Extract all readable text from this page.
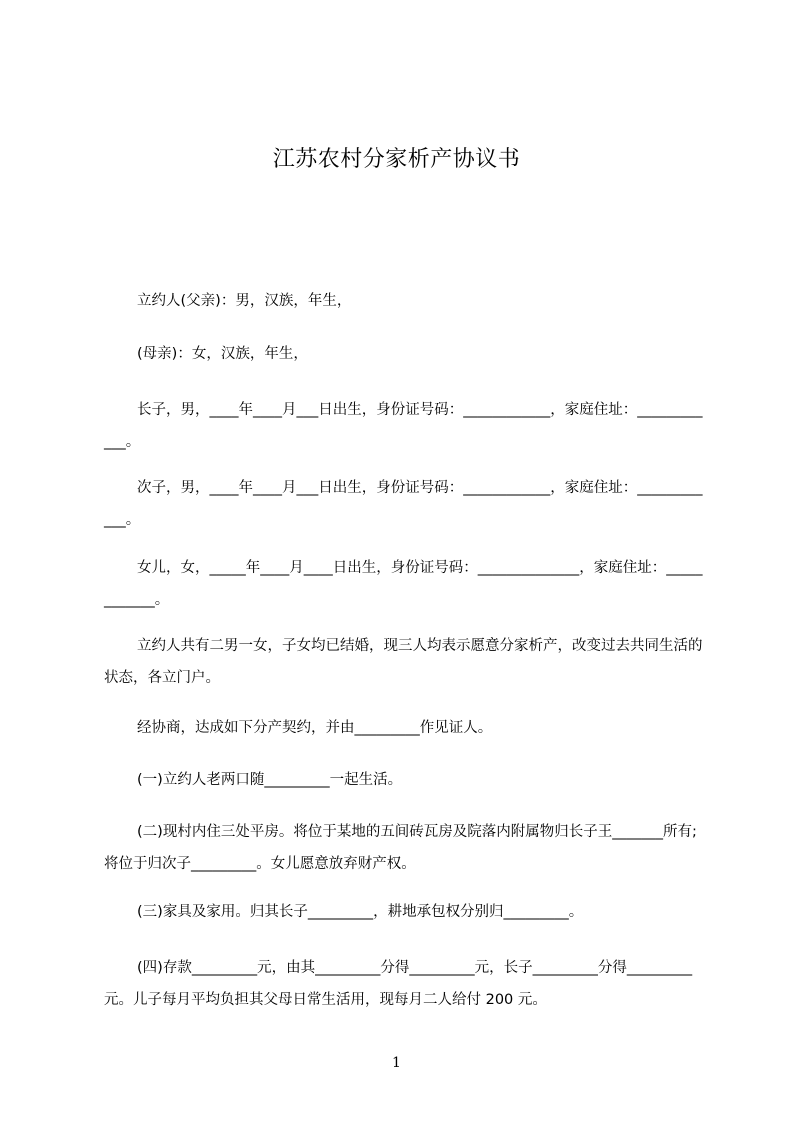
江苏农村分家析产协议书
立约人(父亲)：男，汉族，年生，
(母亲)：女，汉族，年生，
长子，男，____年____月___日出生，身份证号码：____________，家庭住址：____________。
次子，男，____年____月___日出生，身份证号码：____________，家庭住址：____________。
女儿，女，_____年____月____日出生，身份证号码：______________，家庭住址：____________。
立约人共有二男一女，子女均已结婚，现三人均表示愿意分家析产，改变过去共同生活的状态，各立门户。
经协商，达成如下分产契约，并由_________作见证人。
(一)立约人老两口随_________一起生活。
(二)现村内住三处平房。将位于某地的五间砖瓦房及院落内附属物归长子王_______所有;将位于归次子_________。女儿愿意放弃财产权。
(三)家具及家用。归其长子_________，耕地承包权分别归_________。
(四)存款_________元，由其_________分得_________元，长子_________分得_________元。儿子每月平均负担其父母日常生活用，现每月二人给付 200 元。
1
